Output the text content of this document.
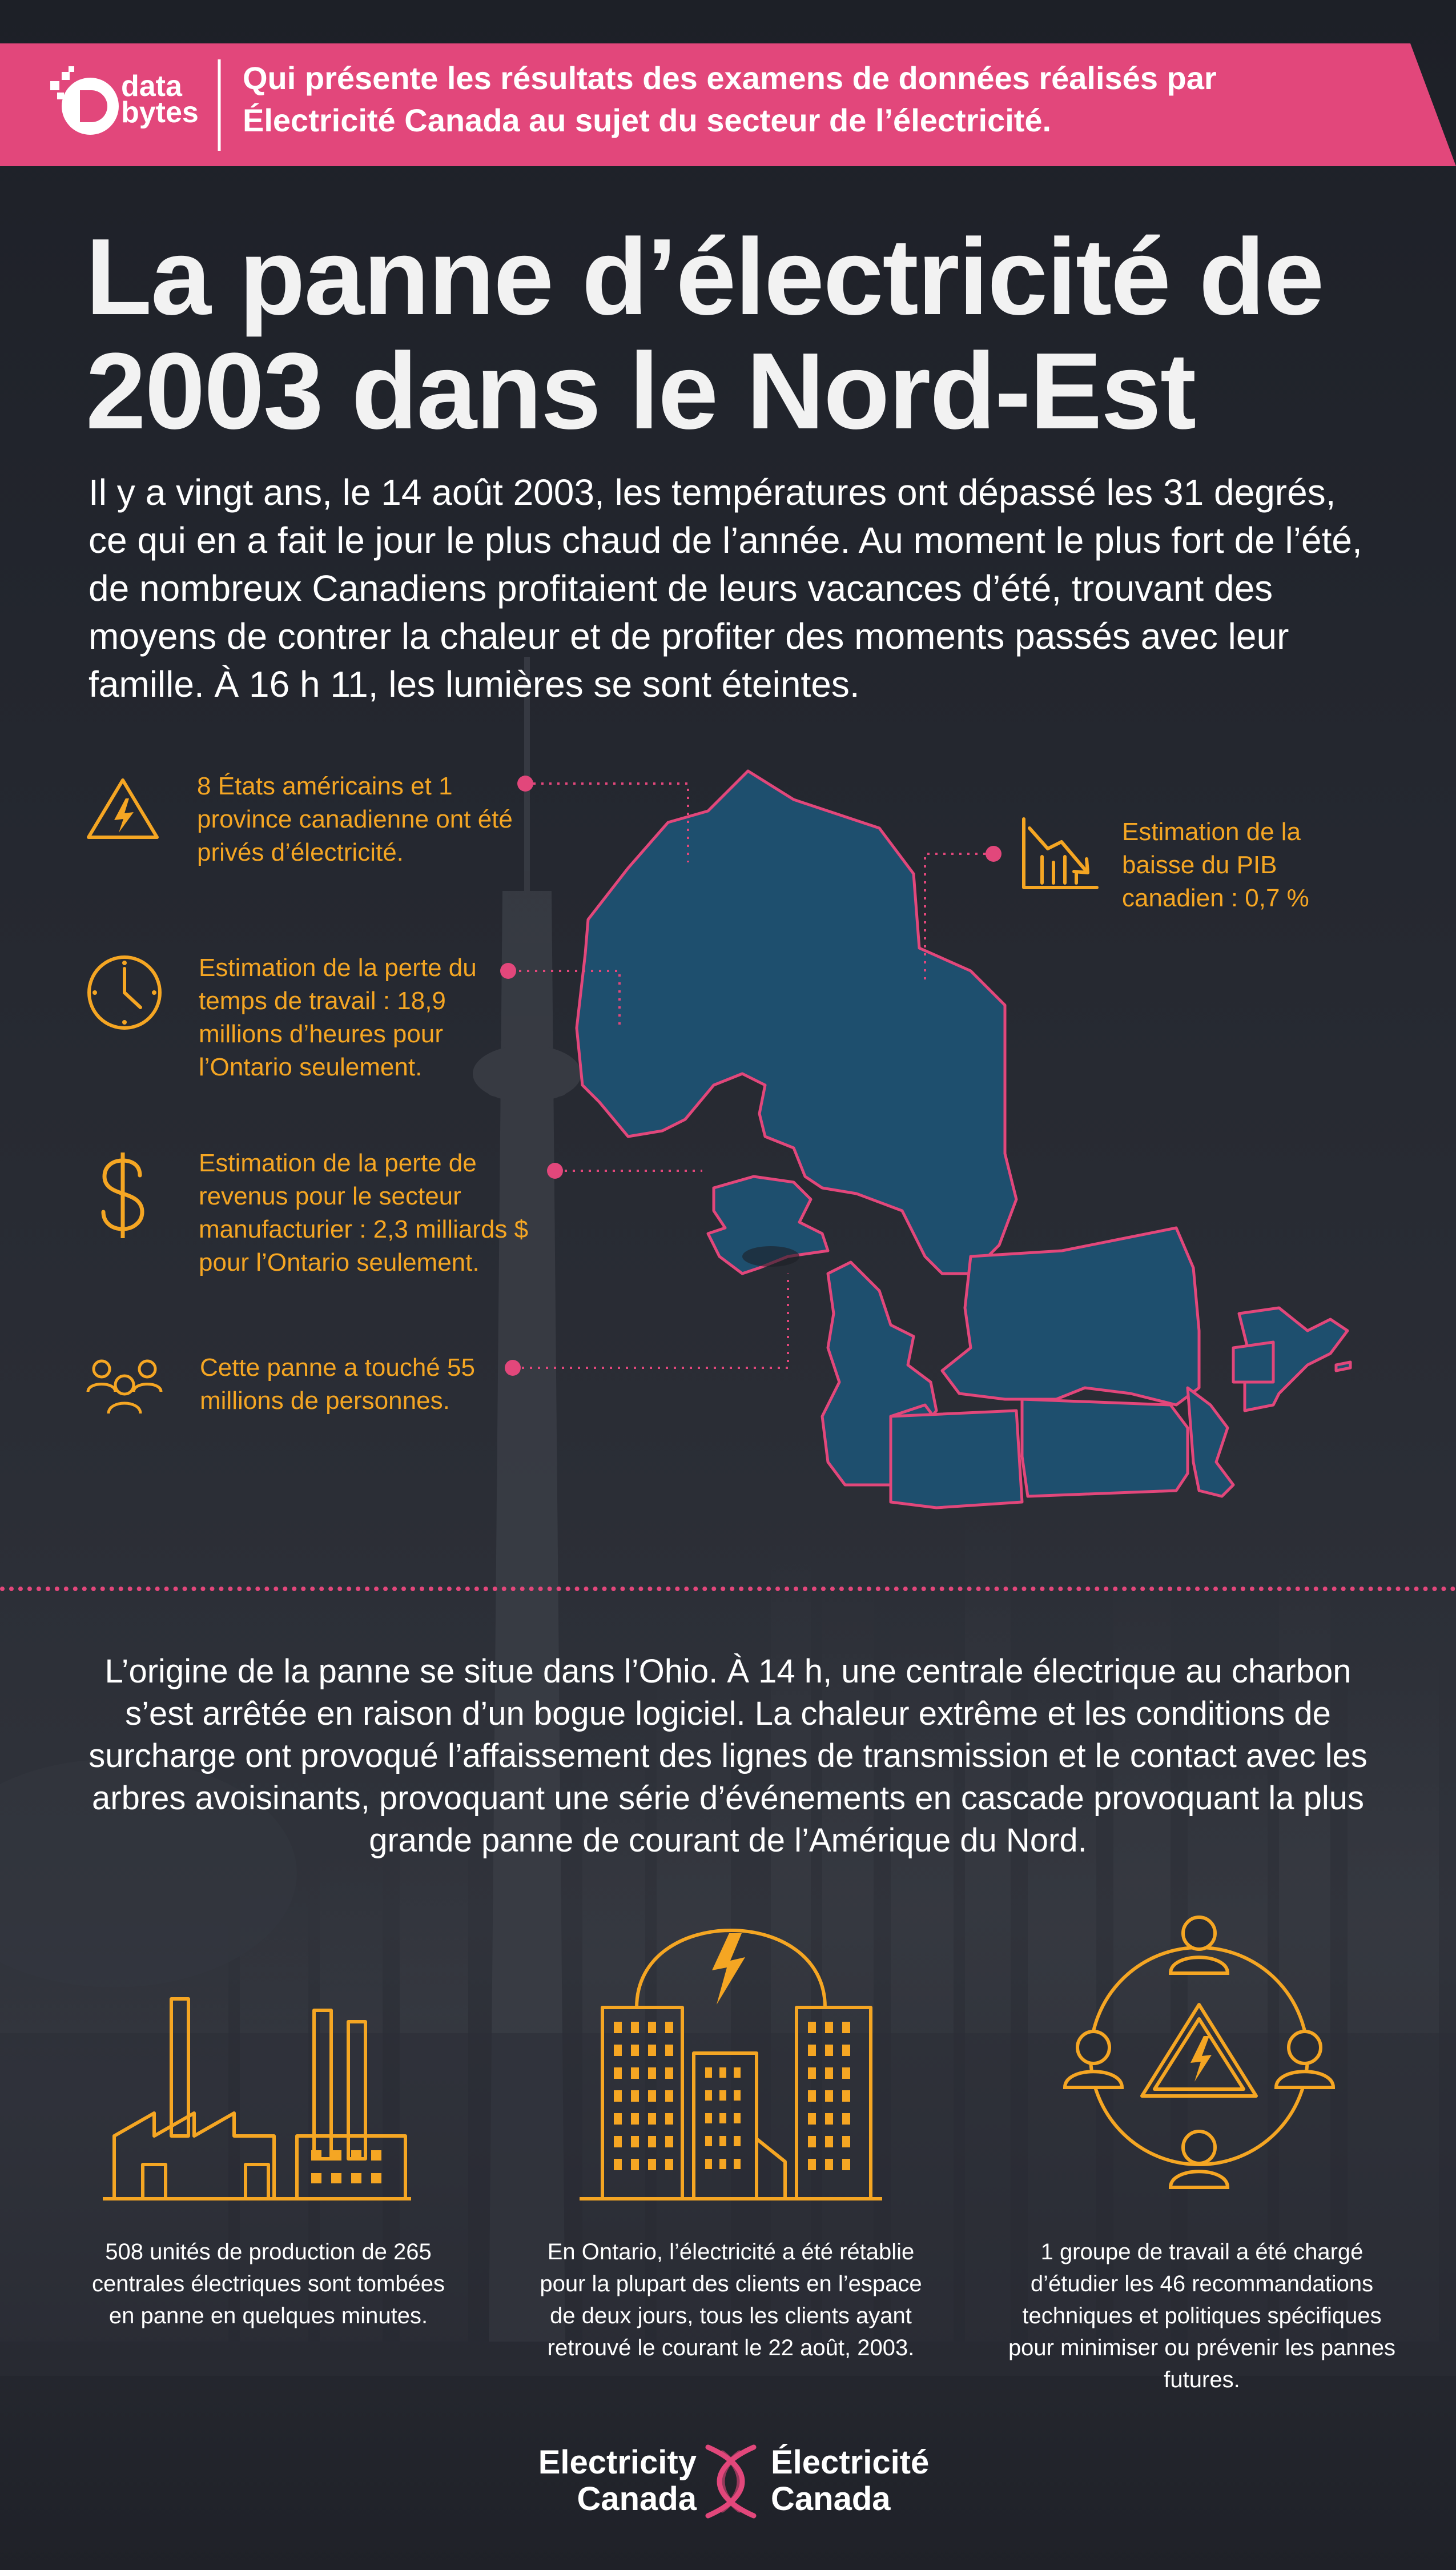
data
bytes
Qui présente les résultats des examens de données réalisés par Électricité Canada au sujet du secteur de l’électricité.
La panne d’électricité de
2003 dans le Nord-Est
Il y a vingt ans, le 14 août 2003, les températures ont dépassé les 31 degrés, ce qui en a fait le jour le plus chaud de l’année. Au moment le plus fort de l’été, de nombreux Canadiens profitaient de leurs vacances d’été, trouvant des moyens de contrer la chaleur et de profiter des moments passés avec leur famille. À 16 h 11, les lumières se sont éteintes.
8 États américains et 1 province canadienne ont été privés d’électricité.
Estimation de la perte du temps de travail : 18,9 millions d’heures pour l’Ontario seulement.
Estimation de la perte de revenus pour le secteur manufacturier : 2,3 milliards $ pour l’Ontario seulement.
Cette panne a touché 55 millions de personnes.
Estimation de la baisse du PIB canadien : 0,7 %
L’origine de la panne se situe dans l’Ohio. À 14 h, une centrale électrique au charbon s’est arrêtée en raison d’un bogue logiciel. La chaleur extrême et les conditions de surcharge ont provoqué l’affaissement des lignes de transmission et le contact avec les arbres avoisinants, provoquant une série d’événements en cascade provoquant la plus grande panne de courant de l’Amérique du Nord.
508 unités de production de 265 centrales électriques sont tombées en panne en quelques minutes.
En Ontario, l’électricité a été rétablie pour la plupart des clients en l’espace de deux jours, tous les clients ayant retrouvé le courant le 22 août, 2003.
1 groupe de travail a été chargé d’étudier les 46 recommandations techniques et politiques spécifiques pour minimiser ou prévenir les pannes futures.
Electricity
Canada
Électricité
Canada
